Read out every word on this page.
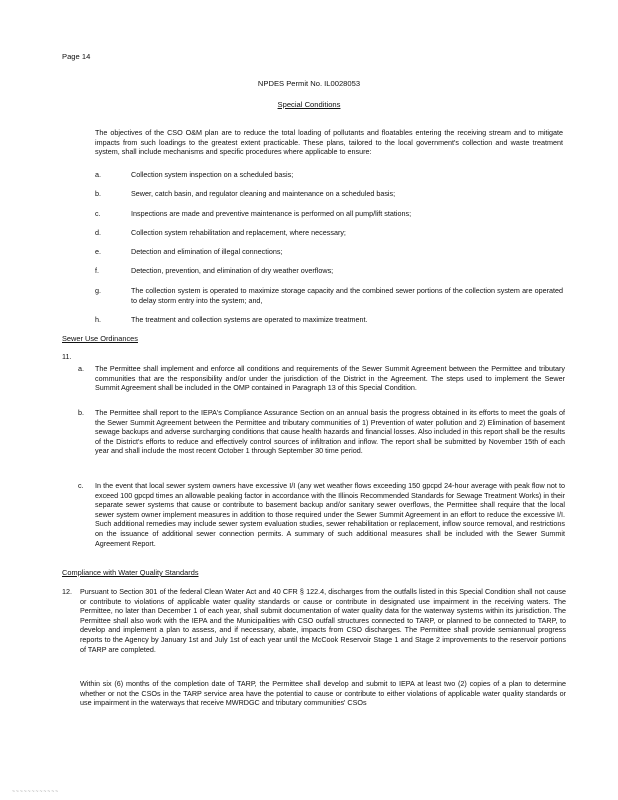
Page 14
NPDES Permit No. IL0028053
Special Conditions
The objectives of the CSO O&M plan are to reduce the total loading of pollutants and floatables entering the receiving stream and to mitigate impacts from such loadings to the greatest extent practicable. These plans, tailored to the local government's collection and waste treatment system, shall include mechanisms and specific procedures where applicable to ensure:
a.	Collection system inspection on a scheduled basis;
b.	Sewer, catch basin, and regulator cleaning and maintenance on a scheduled basis;
c.	Inspections are made and preventive maintenance is performed on all pump/lift stations;
d.	Collection system rehabilitation and replacement, where necessary;
e.	Detection and elimination of illegal connections;
f.	Detection, prevention, and elimination of dry weather overflows;
g.	The collection system is operated to maximize storage capacity and the combined sewer portions of the collection system are operated to delay storm entry into the system; and,
h.	The treatment and collection systems are operated to maximize treatment.
Sewer Use Ordinances
11.
a. The Permittee shall implement and enforce all conditions and requirements of the Sewer Summit Agreement between the Permittee and tributary communities that are the responsibility and/or under the jurisdiction of the District in the Agreement. The steps used to implement the Sewer Summit Agreement shall be included in the OMP contained in Paragraph 13 of this Special Condition.
b. The Permittee shall report to the IEPA's Compliance Assurance Section on an annual basis the progress obtained in its efforts to meet the goals of the Sewer Summit Agreement between the Permittee and tributary communities of 1) Prevention of water pollution and 2) Elimination of basement sewage backups and adverse surcharging conditions that cause health hazards and financial losses. Also included in this report shall be the results of the District's efforts to reduce and effectively control sources of infiltration and inflow. The report shall be submitted by November 15th of each year and shall include the most recent October 1 through September 30 time period.
c. In the event that local sewer system owners have excessive I/I (any wet weather flows exceeding 150 gpcpd 24-hour average with peak flow not to exceed 100 gpcpd times an allowable peaking factor in accordance with the Illinois Recommended Standards for Sewage Treatment Works) in their separate sewer systems that cause or contribute to basement backup and/or sanitary sewer overflows, the Permittee shall require that the local sewer system owner implement measures in addition to those required under the Sewer Summit Agreement in an effort to reduce the excessive I/I. Such additional remedies may include sewer system evaluation studies, sewer rehabilitation or replacement, inflow source removal, and restrictions on the issuance of additional sewer connection permits. A summary of such additional measures shall be included with the Sewer Summit Agreement Report.
Compliance with Water Quality Standards
12. Pursuant to Section 301 of the federal Clean Water Act and 40 CFR § 122.4, discharges from the outfalls listed in this Special Condition shall not cause or contribute to violations of applicable water quality standards or cause or contribute in designated use impairment in the receiving waters. The Permittee, no later than December 1 of each year, shall submit documentation of water quality data for the waterway systems within its jurisdiction. The Permittee shall also work with the IEPA and the Municipalities with CSO outfall structures connected to TARP, or planned to be connected to TARP, to develop and implement a plan to assess, and if necessary, abate, impacts from CSO discharges. The Permittee shall provide semiannual progress reports to the Agency by January 1st and July 1st of each year until the McCook Reservoir Stage 1 and Stage 2 improvements to the reservoir portions of TARP are completed.
Within six (6) months of the completion date of TARP, the Permittee shall develop and submit to IEPA at least two (2) copies of a plan to determine whether or not the CSOs in the TARP service area have the potential to cause or contribute to either violations of applicable water quality standards or use impairment in the waterways that receive MWRDGC and tributary communities' CSOs
~~~~~~~~~~~~
